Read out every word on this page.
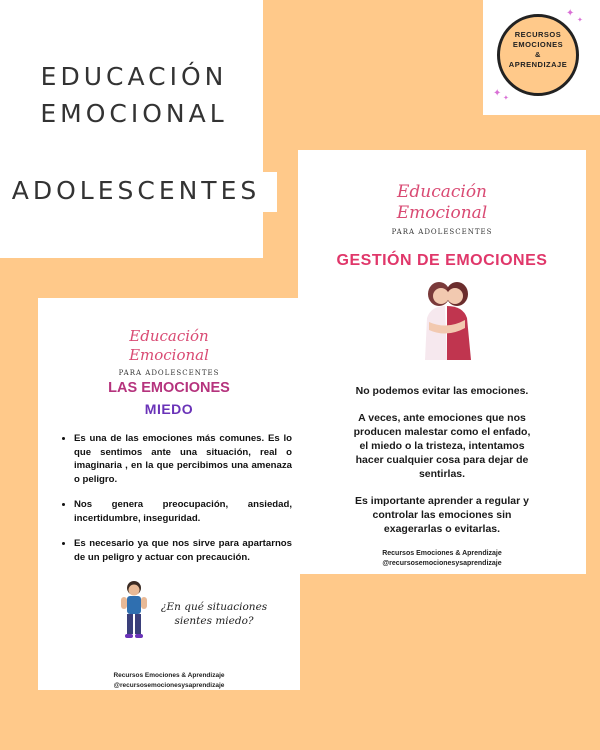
EDUCACIÓN
EMOCIONAL
ADOLESCENTES
RECURSOS
EMOCIONES
&
APRENDIZAJE
✦
✦
✦ ✦
Educación
Emocional
PARA ADOLESCENTES
GESTIÓN DE EMOCIONES

No podemos evitar las emociones.

A veces, ante emociones que nos producen malestar como el enfado, el miedo o la tristeza, intentamos hacer cualquier cosa para dejar de sentirlas.

Es importante aprender a regular y controlar las emociones sin exagerarlas o evitarlas.

Recursos Emociones & Aprendizaje
@recursosemocionesysaprendizaje
Educación
Emocional
PARA ADOLESCENTES
LAS EMOCIONES
MIEDO
• Es una de las emociones más comunes. Es lo que sentimos ante una situación, real o imaginaria , en la que percibimos una amenaza o peligro.
• Nos genera preocupación, ansiedad, incertidumbre, inseguridad.
• Es necesario ya que nos sirve para apartarnos de un peligro y actuar con precaución.
¿En qué situaciones
sientes miedo?
Recursos Emociones & Aprendizaje
@recursosemocionesysaprendizaje
